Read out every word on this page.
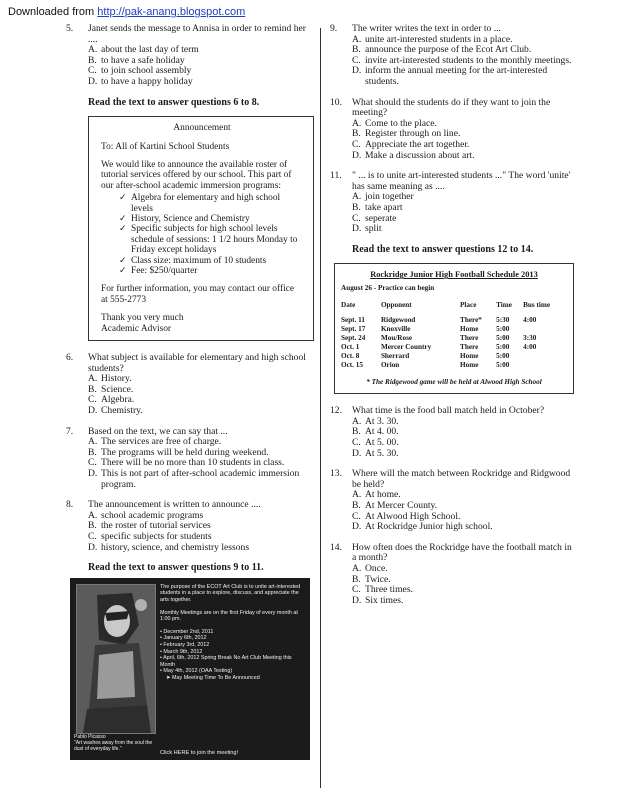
Downloaded from http://pak-anang.blogspot.com
5.	Janet sends the message to Annisa in order to remind her ....
A. about the last day of term
B. to have a safe holiday
C. to join school assembly
D. to have a happy holiday
Read the text to answer questions 6 to 8.
Announcement

To: All of Kartini School Students

We would like to announce the available roster of tutorial services offered by our school. This part of our after-school academic immersion programs:

✓ Algebra for elementary and high school levels
✓ History, Science and Chemistry
✓ Specific subjects for high school levels schedule of sessions: 1 1/2 hours Monday to Friday except holidays
✓ Class size: maximum of 10 students
✓ Fee: $250/quarter

For further information, you may contact our office at 555-2773

Thank you very much
Academic Advisor
6.	What subject is available for elementary and high school students?
A. History.
B. Science.
C. Algebra.
D. Chemistry.
7.	Based on the text, we can say that ...
A. The services are free of charge.
B. The programs will be held during weekend.
C. There will be no more than 10 students in class.
D. This is not part of after-school academic immersion program.
8.	The announcement is written to announce ....
A. school academic programs
B. the roster of tutorial services
C. specific subjects for students
D. history, science, and chemistry lessons
Read the text to answer questions 9 to 11.
The purpose of the ECOT Art Club is to unite art-interested students in a place to explore, discuss, and appreciate the arts together.
Monthly Meetings are on the first Friday of every month at 1:00 pm.
• December 2nd, 2011
• January 6th, 2012
• February 3rd, 2012
• March 9th, 2012
• April, 6th, 2012 Spring Break No Art Club Meeting this Month
• May 4th, 2012 (OAA Testing)
➤ May Meeting Time To Be Announced
Pablo Picasso
"Art washes away from the soul the dust of everyday life."
Click HERE to join the meeting!
9.	The writer writes the text in order to ...
A. unite art-interested students in a place.
B. announce the purpose of the Ecot Art Club.
C. invite art-interested students to the monthly meetings.
D. inform the annual meeting for the art-interested students.
10.	What should the students do if they want to join the meeting?
A. Come to the place.
B. Register through on line.
C. Appreciate the art together.
D. Make a discussion about art.
11.	" ... is to unite art-interested students ..." The word 'unite' has same meaning as ....
A. join together
B. take apart
C. seperate
D. split
Read the text to answer questions 12 to 14.
Rockridge Junior High Football Schedule 2013
August 26 - Practice can begin
Date	Opponent	Place	Time	Bus time
Sept. 11	Ridgewood	There*	5:30	4:00
Sept. 17	Knoxville	Home	5:00	
Sept. 24	Mou/Rose	There	5:00	3:30
Oct. 1	Mercer Country	There	5:00	4:00
Oct. 8	Sherrard	Home	5:00	
Oct. 15	Orion	Home	5:00	
* The Ridgewood game will be held at Alwood High School
12.	What time is the food ball match held in October?
A. At 3. 30.
B. At 4. 00.
C. At 5. 00.
D. At 5. 30.
13.	Where will the match between Rockridge and Ridgwood be held?
A. At home.
B. At Mercer County.
C. At Alwood High School.
D. At Rockridge Junior high school.
14.	How often does the Rockridge have the football match in a month?
A. Once.
B. Twice.
C. Three times.
D. Six times.
